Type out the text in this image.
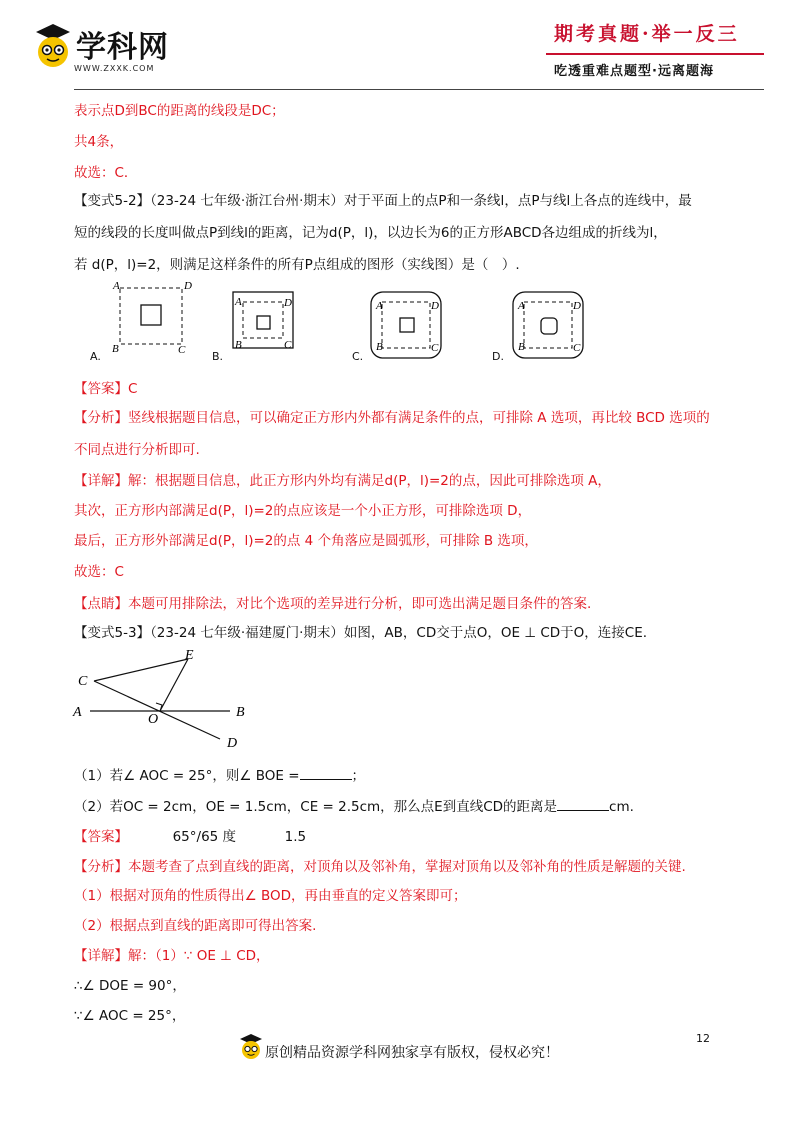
学科网
WWW.ZXXK.COM
期考真题·举一反三
吃透重难点题型·远离题海
表示点D到BC的距离的线段是DC；
共4条，
故选：C．
【变式5-2】（23-24 七年级·浙江台州·期末）对于平面上的点P和一条线l，点P与线l上各点的连线中，最
短的线段的长度叫做点P到线l的距离，记为d(P，l)，以边长为6的正方形ABCD各边组成的折线为l，
若 d(P，l)=2，则满足这样条件的所有P点组成的图形（实线图）是（　）.
A	D
B	C
A	D
B	C
A	D
B	C
A	D
B	C
A.	B.	C.	D.
【答案】C
【分析】竖线根据题目信息，可以确定正方形内外都有满足条件的点，可排除 A 选项，再比较 BCD 选项的
不同点进行分析即可.
【详解】解：根据题目信息，此正方形内外均有满足d(P，l)=2的点，因此可排除选项 A，
其次，正方形内部满足d(P，l)=2的点应该是一个小正方形，可排除选项 D，
最后，正方形外部满足d(P，l)=2的点 4 个角落应是圆弧形，可排除 B 选项，
故选：C
【点睛】本题可用排除法，对比个选项的差异进行分析，即可选出满足题目条件的答案.
【变式5-3】（23-24 七年级·福建厦门·期末）如图，AB，CD交于点O，OE ⊥ CD于O，连接CE.
C
E
A	O	B
D
（1）若∠ AOC = 25°，则∠ BOE =	；
（2）若OC = 2cm，OE = 1.5cm，CE = 2.5cm，那么点E到直线CD的距离是	cm.
【答案】	65°/65 度	1.5
【分析】本题考查了点到直线的距离，对顶角以及邻补角，掌握对顶角以及邻补角的性质是解题的关键.
（1）根据对顶角的性质得出∠ BOD，再由垂直的定义答案即可；
（2）根据点到直线的距离即可得出答案.
【详解】解：（1）∵ OE ⊥ CD，
∴∠ DOE = 90°，
∵∠ AOC = 25°，
原创精品资源学科网独家享有版权，侵权必究！
12
